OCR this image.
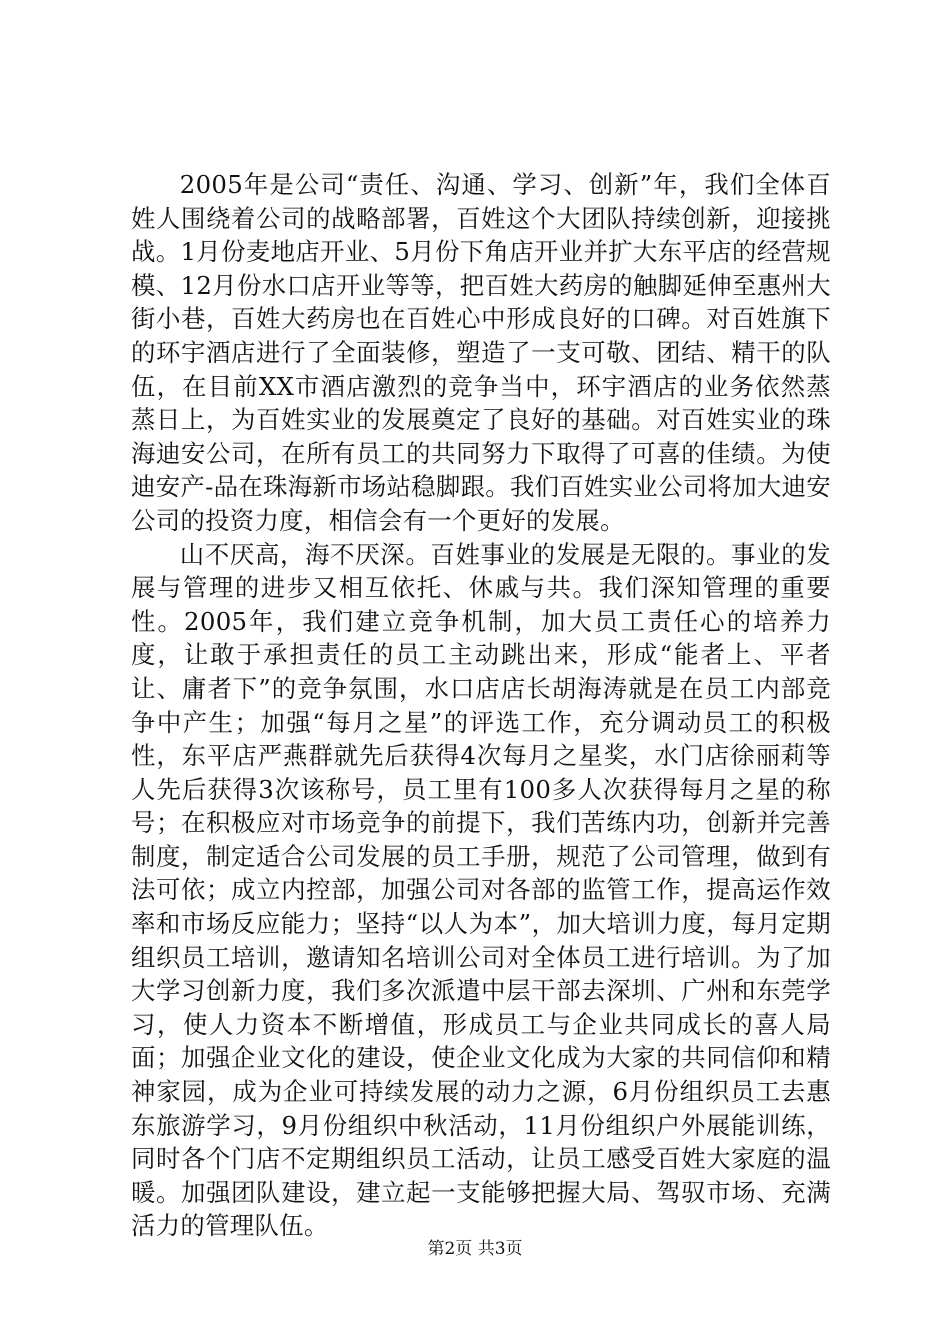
2005年是公司“责任、沟通、学习、创新”年，我们全体百姓人围绕着公司的战略部署，百姓这个大团队持续创新，迎接挑战。1月份麦地店开业、5月份下角店开业并扩大东平店的经营规模、12月份水口店开业等等，把百姓大药房的触脚延伸至惠州大街小巷，百姓大药房也在百姓心中形成良好的口碑。对百姓旗下的环宇酒店进行了全面装修，塑造了一支可敬、团结、精干的队伍，在目前XX市酒店激烈的竞争当中，环宇酒店的业务依然蒸蒸日上，为百姓实业的发展奠定了良好的基础。对百姓实业的珠海迪安公司，在所有员工的共同努力下取得了可喜的佳绩。为使迪安产-品在珠海新市场站稳脚跟。我们百姓实业公司将加大迪安公司的投资力度，相信会有一个更好的发展。

山不厌高，海不厌深。百姓事业的发展是无限的。事业的发展与管理的进步又相互依托、休戚与共。我们深知管理的重要性。2005年，我们建立竞争机制，加大员工责任心的培养力度，让敢于承担责任的员工主动跳出来，形成“能者上、平者让、庸者下”的竞争氛围，水口店店长胡海涛就是在员工内部竞争中产生；加强“每月之星”的评选工作，充分调动员工的积极性，东平店严燕群就先后获得4次每月之星奖，水门店徐丽莉等人先后获得3次该称号，员工里有100多人次获得每月之星的称号；在积极应对市场竞争的前提下，我们苦练内功，创新并完善制度，制定适合公司发展的员工手册，规范了公司管理，做到有法可依；成立内控部，加强公司对各部的监管工作，提高运作效率和市场反应能力；坚持“以人为本”，加大培训力度，每月定期组织员工培训，邀请知名培训公司对全体员工进行培训。为了加大学习创新力度，我们多次派遣中层干部去深圳、广州和东莞学习，使人力资本不断增值，形成员工与企业共同成长的喜人局面；加强企业文化的建设，使企业文化成为大家的共同信仰和精神家园，成为企业可持续发展的动力之源，6月份组织员工去惠东旅游学习，9月份组织中秋活动，11月份组织户外展能训练，同时各个门店不定期组织员工活动，让员工感受百姓大家庭的温暖。加强团队建设，建立起一支能够把握大局、驾驭市场、充满活力的管理队伍。

第2页 共3页
